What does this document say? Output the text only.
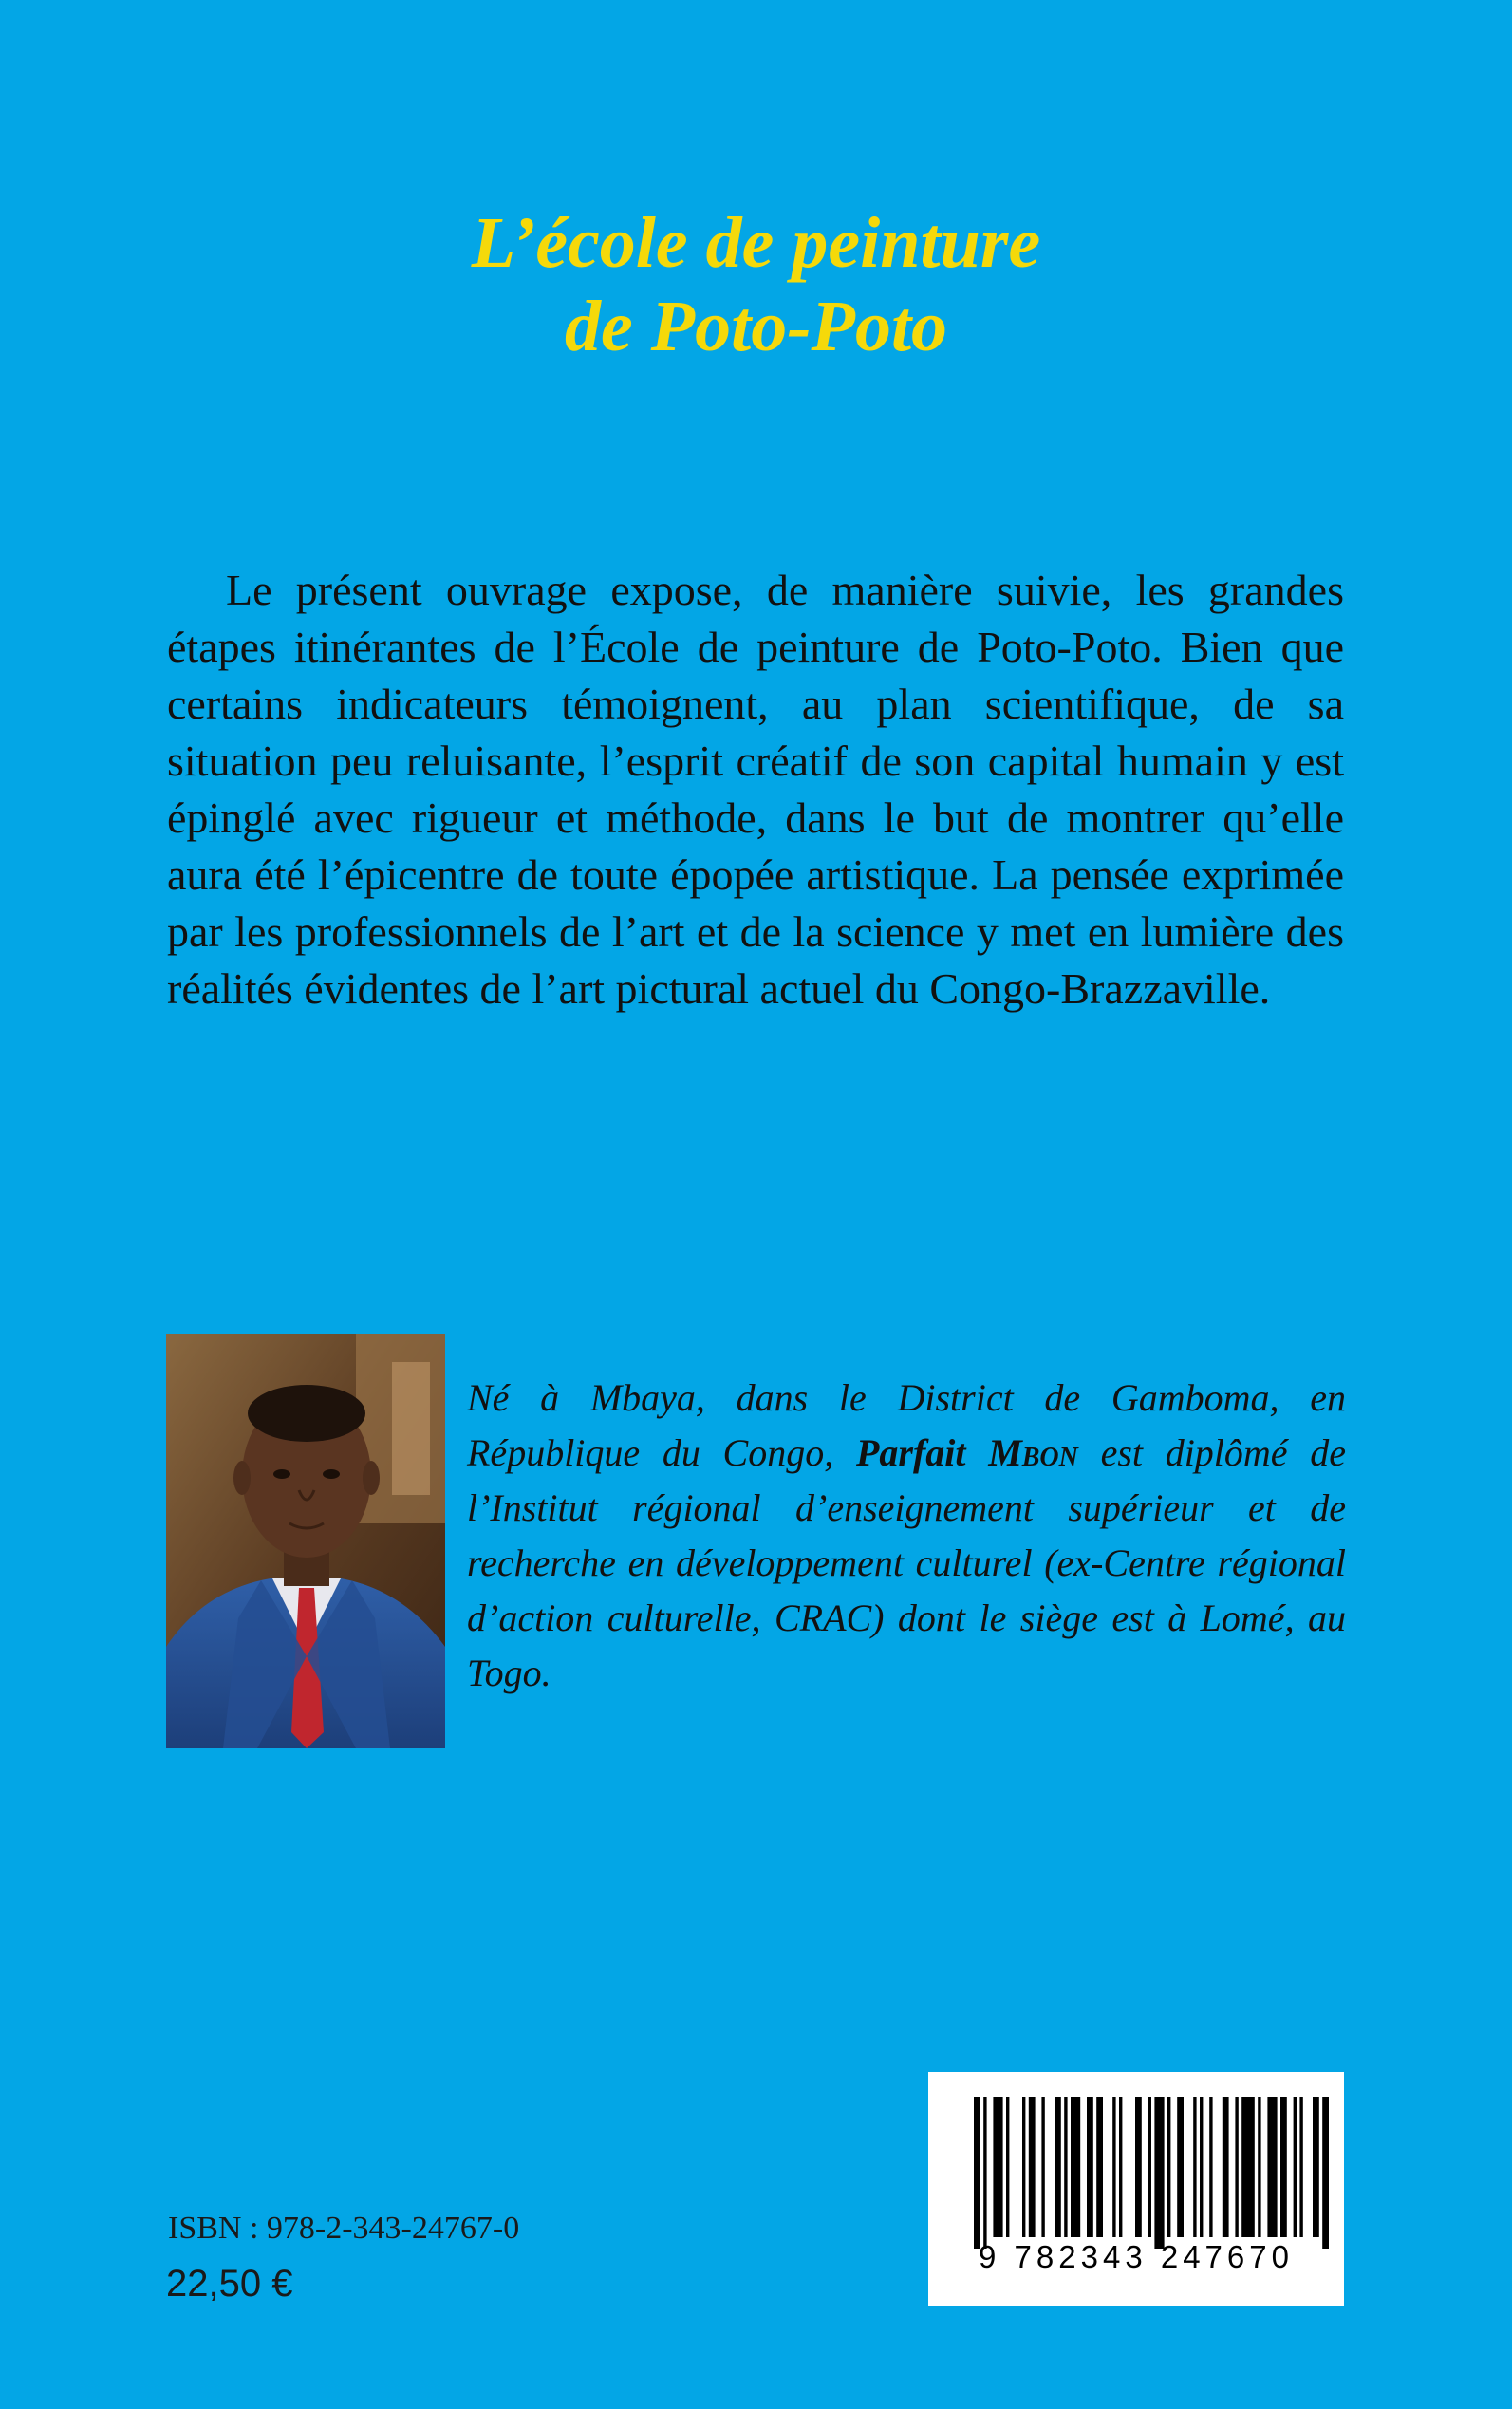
L’école de peinture
de Poto-Poto

Le présent ouvrage expose, de manière suivie, les grandes étapes itinérantes de l’École de peinture de Poto-Poto. Bien que certains indicateurs témoignent, au plan scientifique, de sa situation peu reluisante, l’esprit créatif de son capital humain y est épinglé avec rigueur et méthode, dans le but de montrer qu’elle aura été l’épicentre de toute épopée artistique. La pensée exprimée par les professionnels de l’art et de la science y met en lumière des réalités évidentes de l’art pictural actuel du Congo-Brazzaville.

Né à Mbaya, dans le District de Gamboma, en République du Congo, Parfait Mbon est diplômé de l’Institut régional d’enseignement supérieur et de recherche en développement culturel (ex-Centre régional d’action culturelle, CRAC) dont le siège est à Lomé, au Togo.

ISBN : 978-2-343-24767-0
22,50 €
9 782343 247670
